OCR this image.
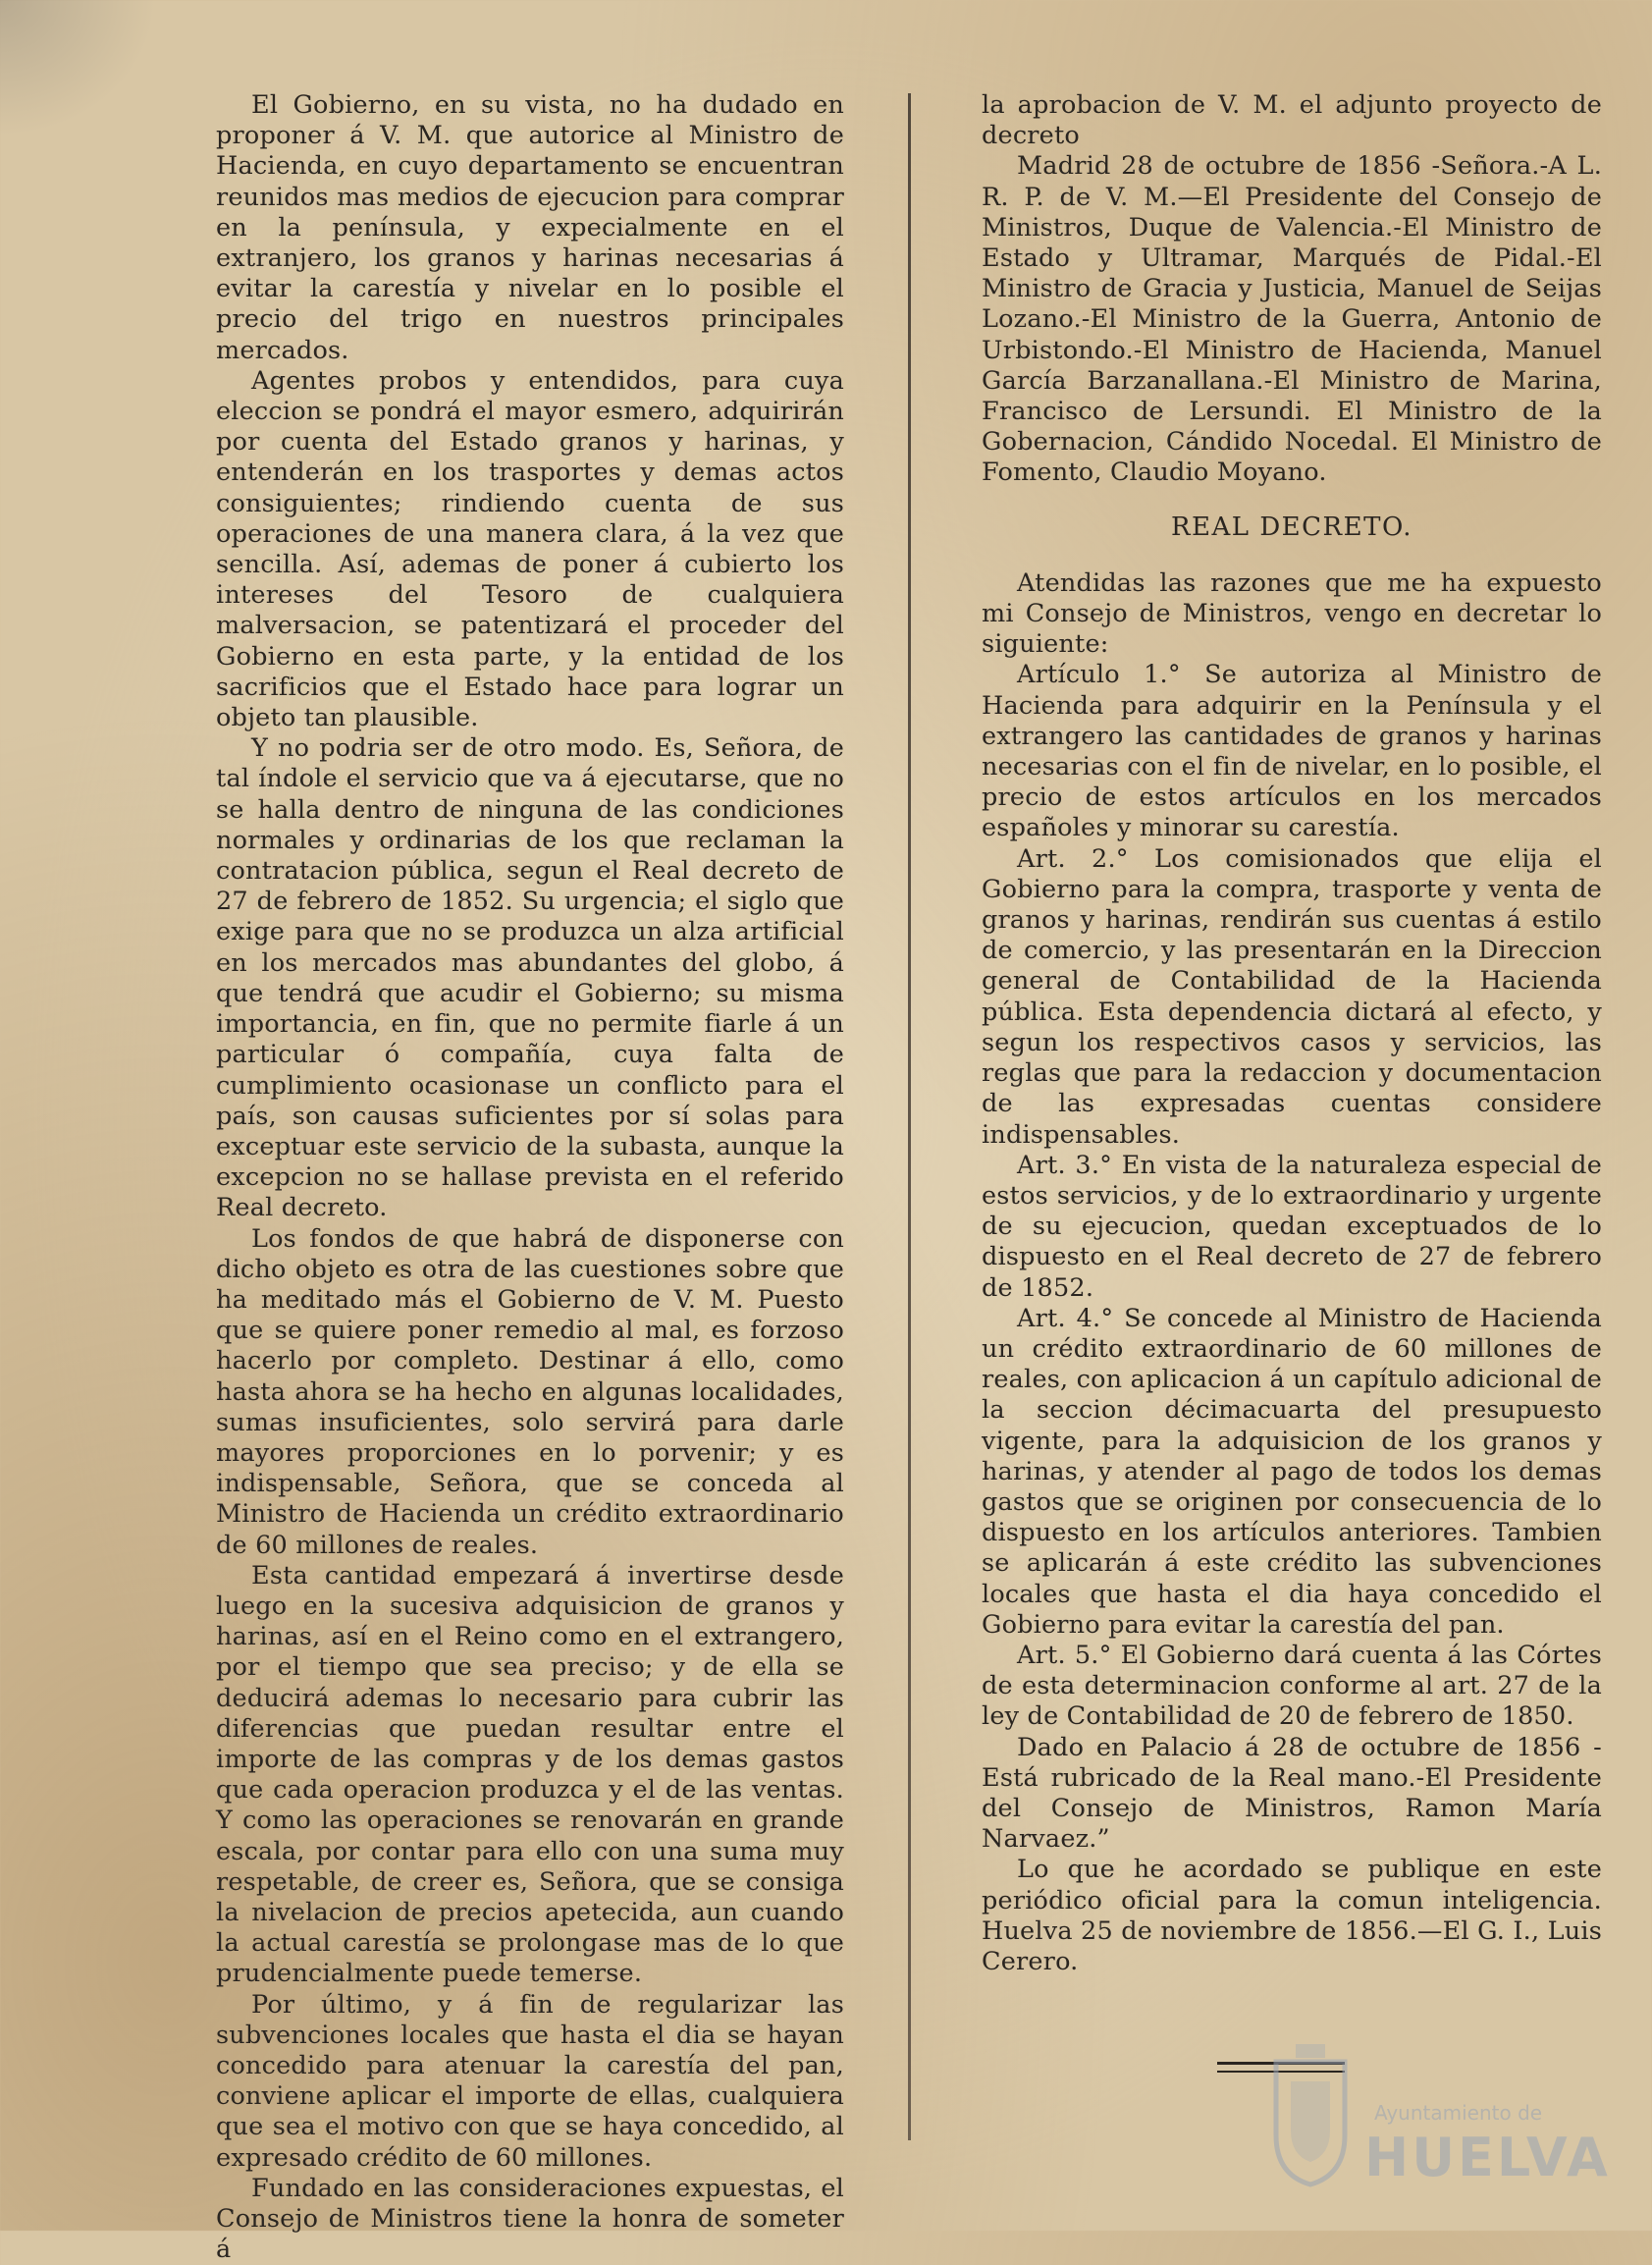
El Gobierno, en su vista, no ha dudado en proponer á V. M. que autorice al Ministro de Hacienda, en cuyo departamento se encuentran reunidos mas medios de ejecucion para comprar en la península, y expecialmente en el extranjero, los granos y harinas necesarias á evitar la carestía y nivelar en lo posible el precio del trigo en nuestros principales mercados.

Agentes probos y entendidos, para cuya eleccion se pondrá el mayor esmero, adquirirán por cuenta del Estado granos y harinas, y entenderán en los trasportes y demas actos consiguientes; rindiendo cuenta de sus operaciones de una manera clara, á la vez que sencilla. Así, ademas de poner á cubierto los intereses del Tesoro de cualquiera malversacion, se patentizará el proceder del Gobierno en esta parte, y la entidad de los sacrificios que el Estado hace para lograr un objeto tan plausible.

Y no podria ser de otro modo. Es, Señora, de tal índole el servicio que va á ejecutarse, que no se halla dentro de ninguna de las condiciones normales y ordinarias de los que reclaman la contratacion pública, segun el Real decreto de 27 de febrero de 1852. Su urgencia; el siglo que exige para que no se produzca un alza artificial en los mercados mas abundantes del globo, á que tendrá que acudir el Gobierno; su misma importancia, en fin, que no permite fiarle á un particular ó compañía, cuya falta de cumplimiento ocasionase un conflicto para el país, son causas suficientes por sí solas para exceptuar este servicio de la subasta, aunque la excepcion no se hallase prevista en el referido Real decreto.

Los fondos de que habrá de disponerse con dicho objeto es otra de las cuestiones sobre que ha meditado más el Gobierno de V. M. Puesto que se quiere poner remedio al mal, es forzoso hacerlo por completo. Destinar á ello, como hasta ahora se ha hecho en algunas localidades, sumas insuficientes, solo servirá para darle mayores proporciones en lo porvenir; y es indispensable, Señora, que se conceda al Ministro de Hacienda un crédito extraordinario de 60 millones de reales.

Esta cantidad empezará á invertirse desde luego en la sucesiva adquisicion de granos y harinas, así en el Reino como en el extrangero, por el tiempo que sea preciso; y de ella se deducirá ademas lo necesario para cubrir las diferencias que puedan resultar entre el importe de las compras y de los demas gastos que cada operacion produzca y el de las ventas. Y como las operaciones se renovarán en grande escala, por contar para ello con una suma muy respetable, de creer es, Señora, que se consiga la nivelacion de precios apetecida, aun cuando la actual carestía se prolongase mas de lo que prudencialmente puede temerse.

Por último, y á fin de regularizar las subvenciones locales que hasta el dia se hayan concedido para atenuar la carestía del pan, conviene aplicar el importe de ellas, cualquiera que sea el motivo con que se haya concedido, al expresado crédito de 60 millones.

Fundado en las consideraciones expuestas, el Consejo de Ministros tiene la honra de someter á

la aprobacion de V. M. el adjunto proyecto de decreto

Madrid 28 de octubre de 1856 -Señora.-A L. R. P. de V. M.—El Presidente del Consejo de Ministros, Duque de Valencia.-El Ministro de Estado y Ultramar, Marqués de Pidal.-El Ministro de Gracia y Justicia, Manuel de Seijas Lozano.-El Ministro de la Guerra, Antonio de Urbistondo.-El Ministro de Hacienda, Manuel García Barzanallana.-El Ministro de Marina, Francisco de Lersundi. El Ministro de la Gobernacion, Cándido Nocedal. El Ministro de Fomento, Claudio Moyano.

REAL DECRETO.

Atendidas las razones que me ha expuesto mi Consejo de Ministros, vengo en decretar lo siguiente:

Artículo 1.° Se autoriza al Ministro de Hacienda para adquirir en la Península y el extrangero las cantidades de granos y harinas necesarias con el fin de nivelar, en lo posible, el precio de estos artículos en los mercados españoles y minorar su carestía.

Art. 2.° Los comisionados que elija el Gobierno para la compra, trasporte y venta de granos y harinas, rendirán sus cuentas á estilo de comercio, y las presentarán en la Direccion general de Contabilidad de la Hacienda pública. Esta dependencia dictará al efecto, y segun los respectivos casos y servicios, las reglas que para la redaccion y documentacion de las expresadas cuentas considere indispensables.

Art. 3.° En vista de la naturaleza especial de estos servicios, y de lo extraordinario y urgente de su ejecucion, quedan exceptuados de lo dispuesto en el Real decreto de 27 de febrero de 1852.

Art. 4.° Se concede al Ministro de Hacienda un crédito extraordinario de 60 millones de reales, con aplicacion á un capítulo adicional de la seccion décimacuarta del presupuesto vigente, para la adquisicion de los granos y harinas, y atender al pago de todos los demas gastos que se originen por consecuencia de lo dispuesto en los artículos anteriores. Tambien se aplicarán á este crédito las subvenciones locales que hasta el dia haya concedido el Gobierno para evitar la carestía del pan.

Art. 5.° El Gobierno dará cuenta á las Córtes de esta determinacion conforme al art. 27 de la ley de Contabilidad de 20 de febrero de 1850.

Dado en Palacio á 28 de octubre de 1856 -Está rubricado de la Real mano.-El Presidente del Consejo de Ministros, Ramon María Narvaez.”

Lo que he acordado se publique en este periódico oficial para la comun inteligencia. Huelva 25 de noviembre de 1856.—El G. I., Luis Cerero.

Ayuntamiento de
HUELVA
